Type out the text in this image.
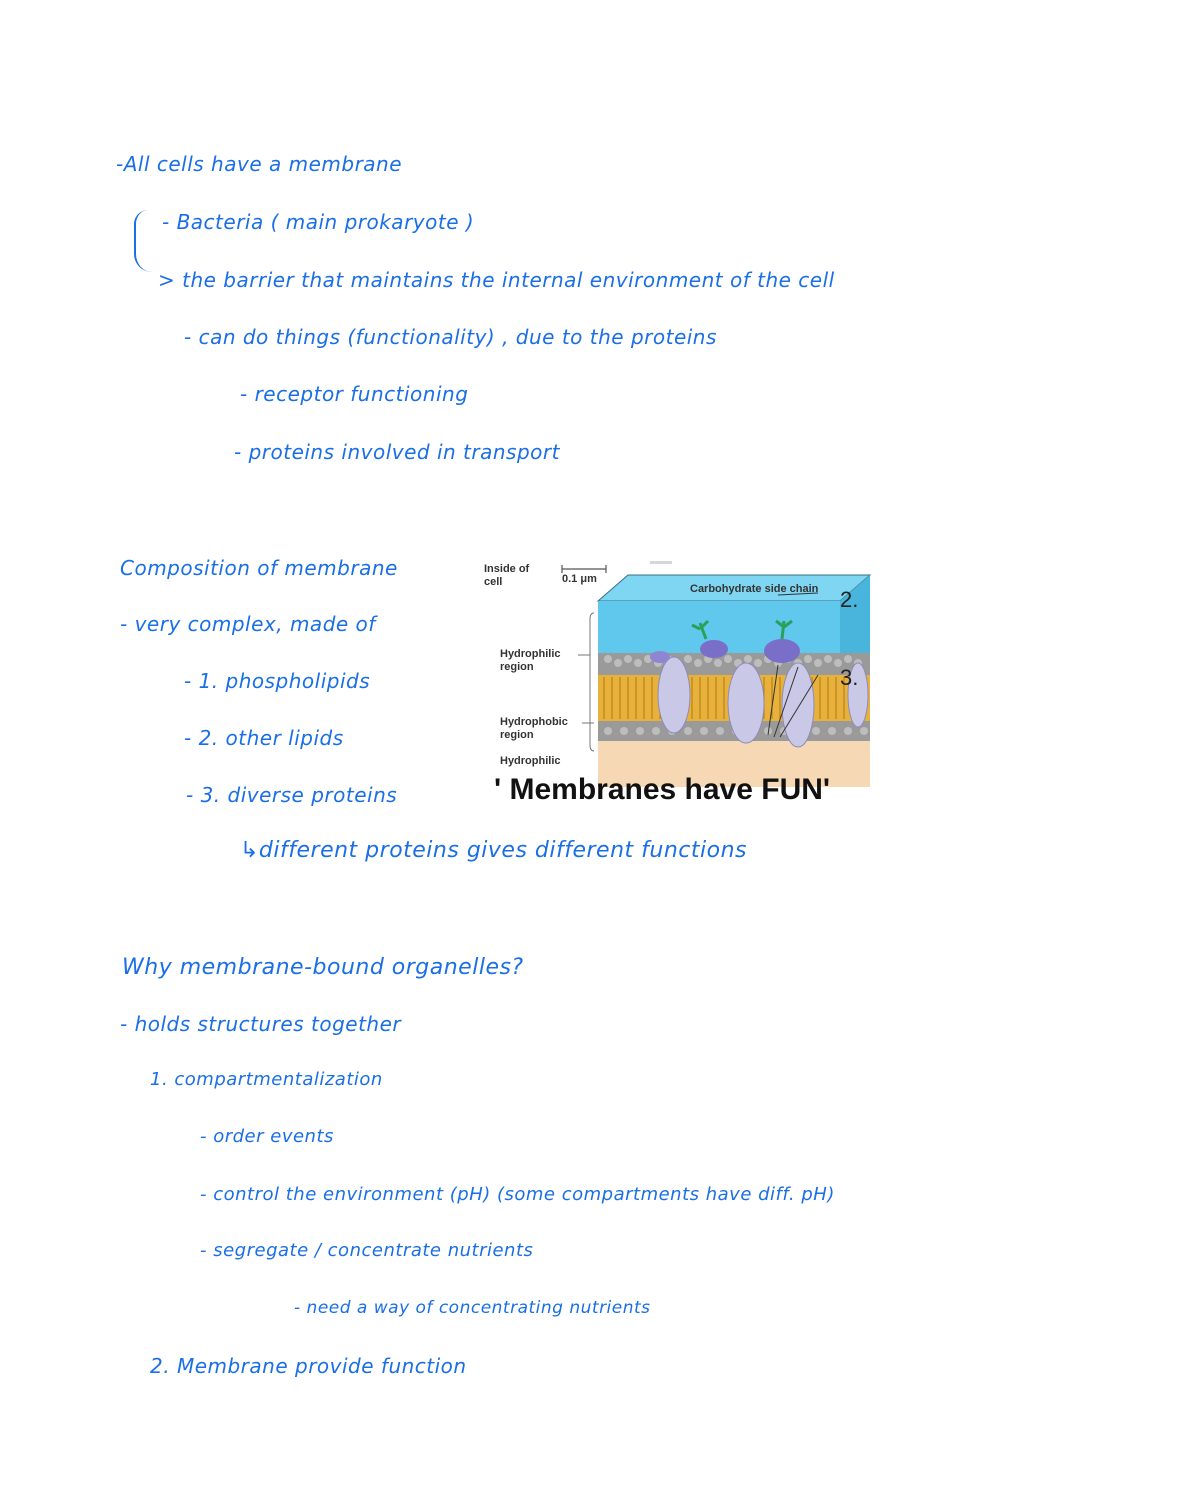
-All cells have a membrane
- Bacteria ( main prokaryote )
> the barrier that maintains the internal environment of the cell
- can do things (functionality) , due to the proteins
- receptor functioning
- proteins involved in transport
Composition of membrane
- very complex, made of
- 1. phospholipids
- 2. other lipids
- 3. diverse proteins
↳different proteins gives different functions
Inside of cell	0.1 μm
Carbohydrate side chain
Hydrophilic region
Hydrophobic region
Hydrophilic
2.
3.
' Membranes have FUN'
Why membrane-bound organelles?
- holds structures together
1. compartmentalization
- order events
- control the environment (pH) (some compartments have diff. pH)
- segregate / concentrate nutrients
- need a way of concentrating nutrients
2. Membrane provide function
